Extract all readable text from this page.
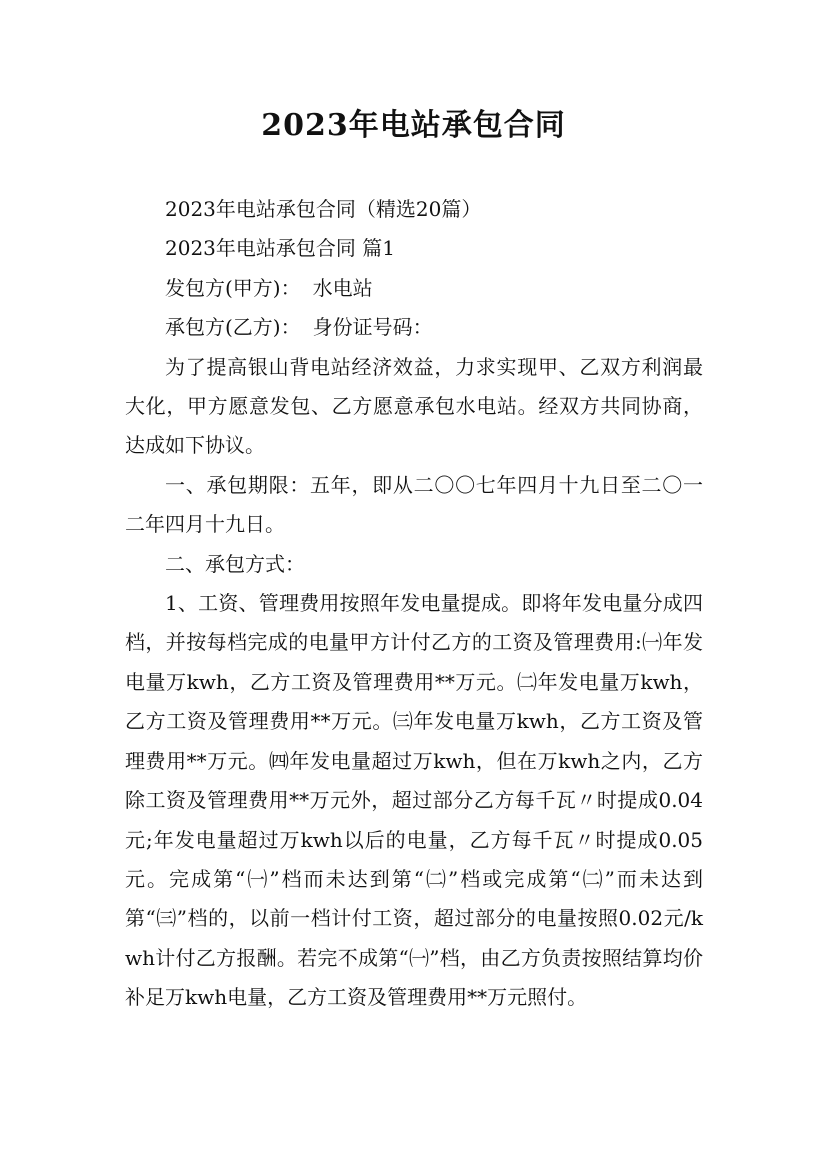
2023年电站承包合同

2023年电站承包合同（精选20篇）

2023年电站承包合同 篇1

发包方(甲方)： 水电站

承包方(乙方)： 身份证号码：

为了提高银山背电站经济效益，力求实现甲、乙双方利润最大化，甲方愿意发包、乙方愿意承包水电站。经双方共同协商，达成如下协议。

一、承包期限：五年，即从二〇〇七年四月十九日至二〇一二年四月十九日。

二、承包方式：

1、工资、管理费用按照年发电量提成。即将年发电量分成四档，并按每档完成的电量甲方计付乙方的工资及管理费用:㈠年发电量万kwh，乙方工资及管理费用**万元。㈡年发电量万kwh，乙方工资及管理费用**万元。㈢年发电量万kwh，乙方工资及管理费用**万元。㈣年发电量超过万kwh，但在万kwh之内，乙方除工资及管理费用**万元外，超过部分乙方每千瓦〃时提成0.04元;年发电量超过万kwh以后的电量，乙方每千瓦〃时提成0.05元。完成第“㈠”档而未达到第“㈡”档或完成第“㈡”而未达到第“㈢”档的，以前一档计付工资，超过部分的电量按照0.02元/kwh计付乙方报酬。若完不成第“㈠”档，由乙方负责按照结算均价补足万kwh电量，乙方工资及管理费用**万元照付。
